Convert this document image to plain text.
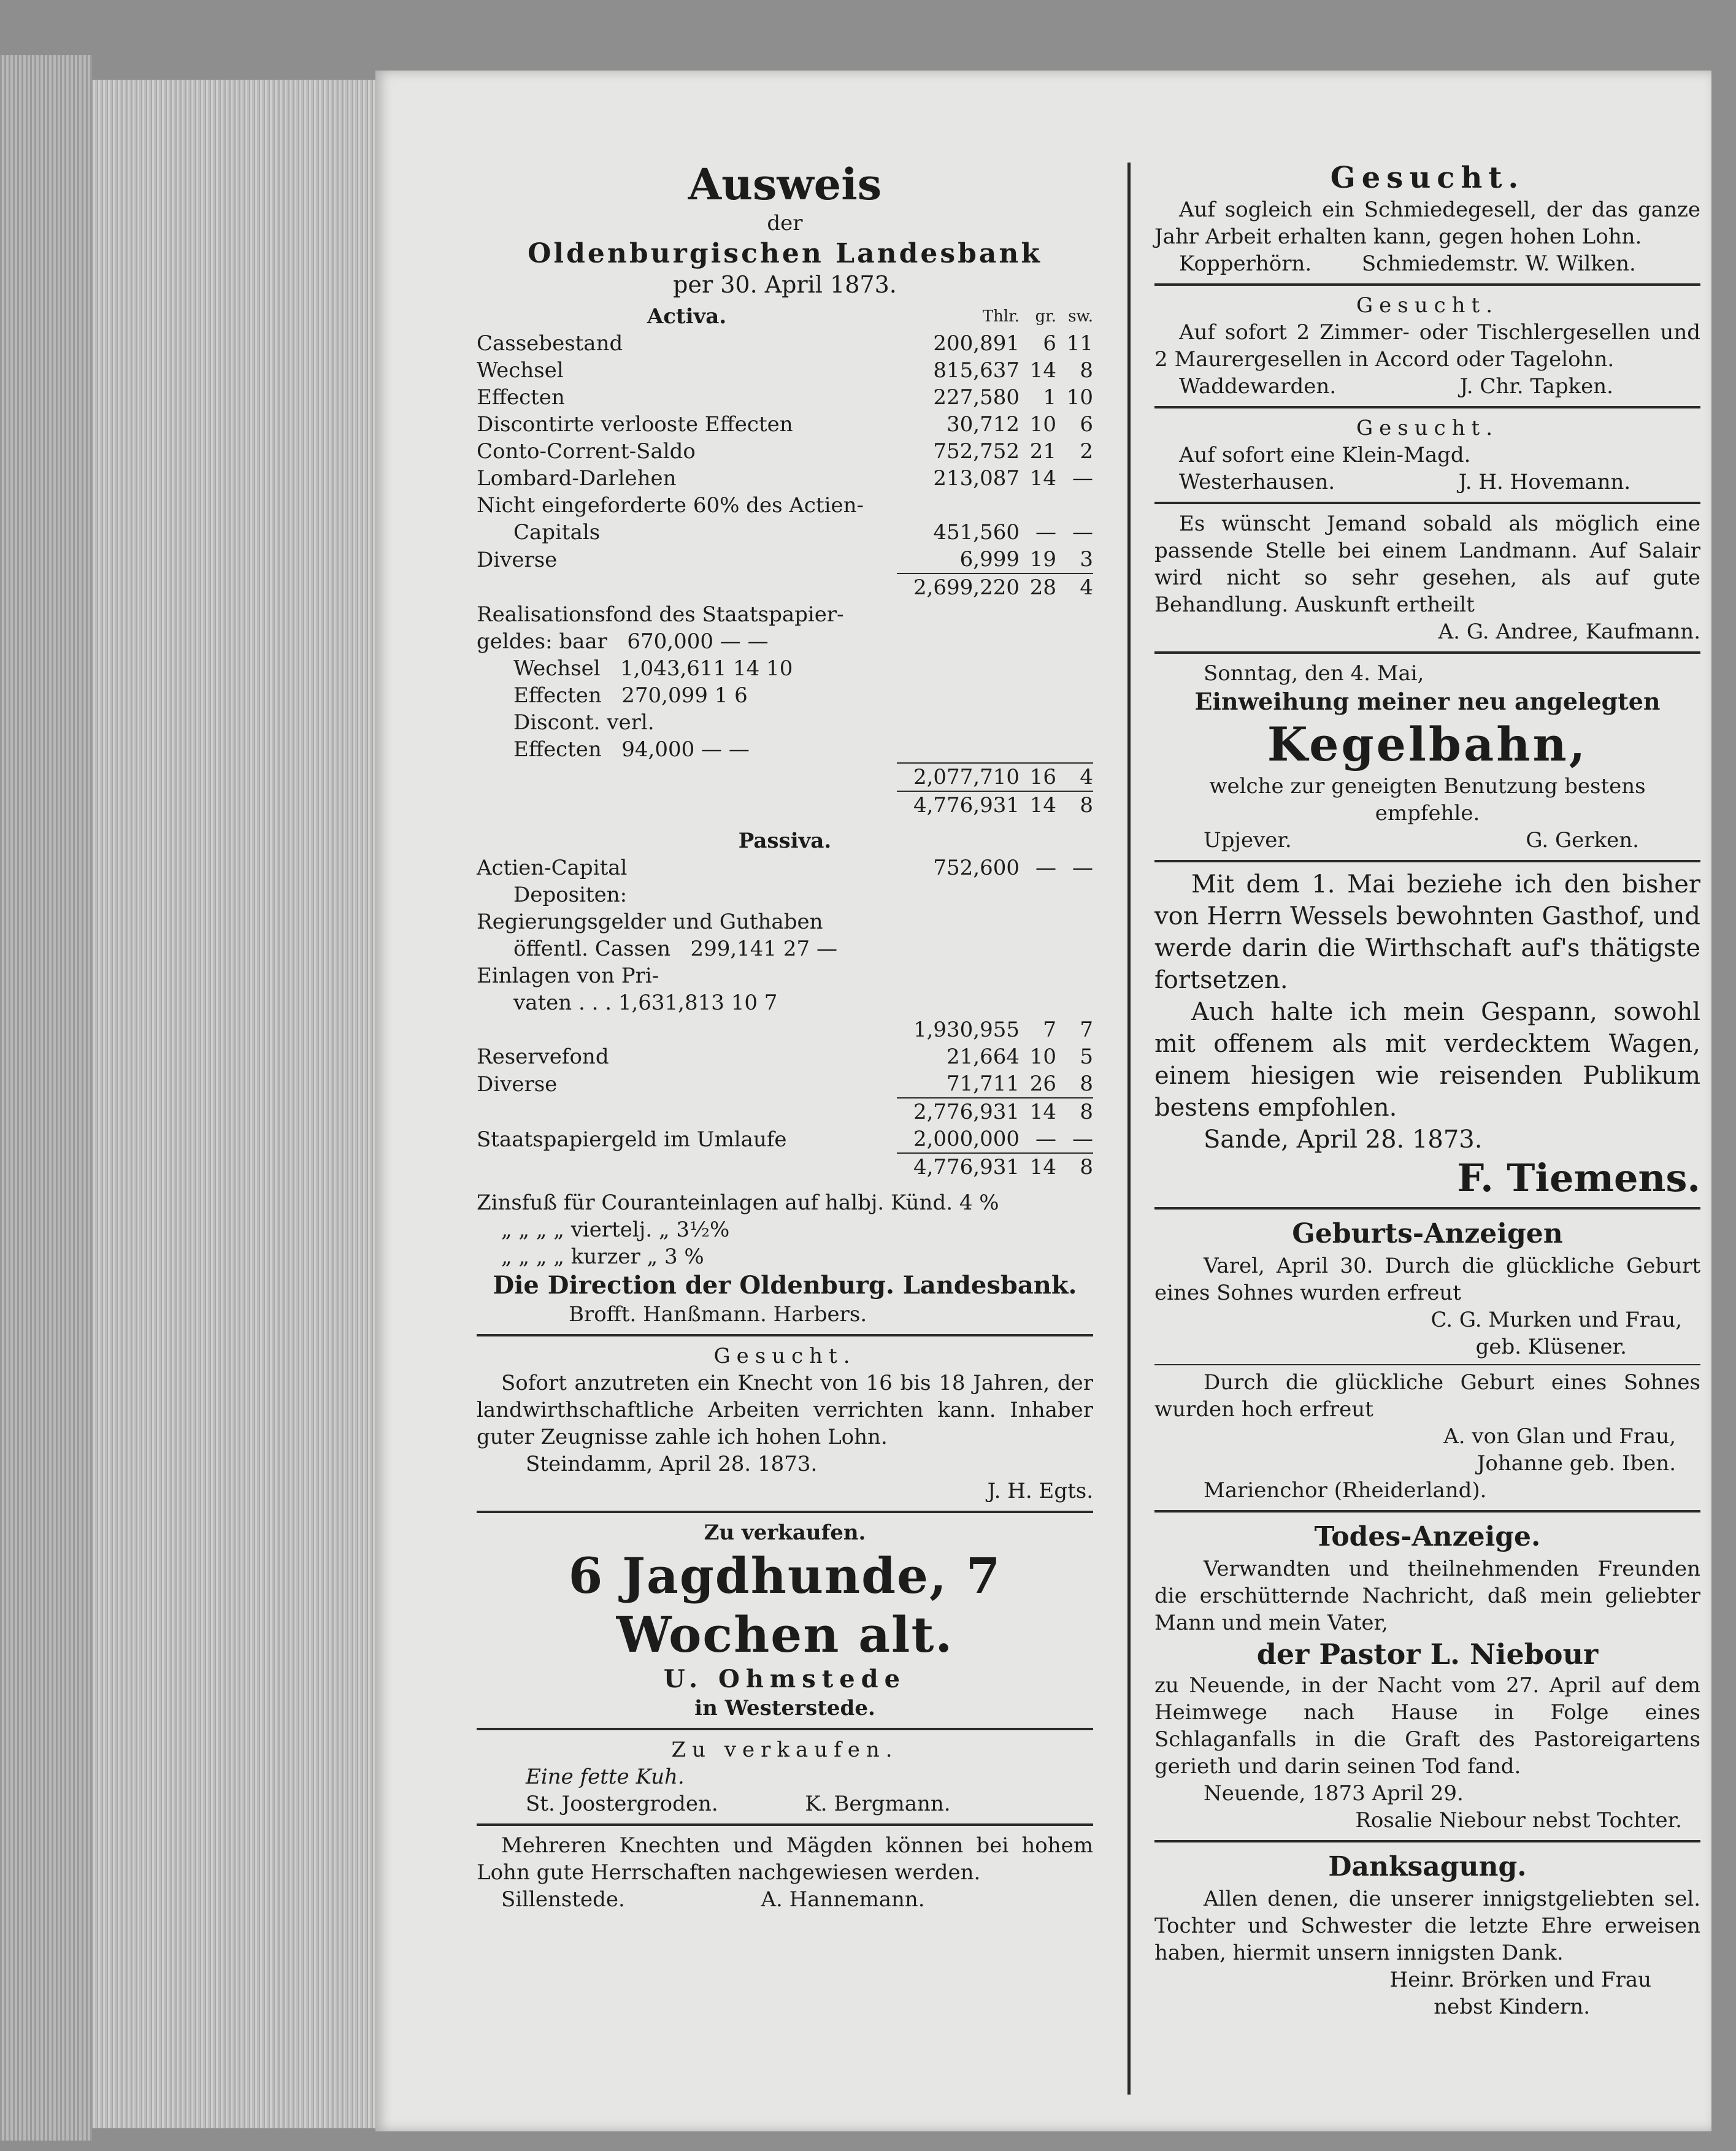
Ausweis
der
Oldenburgischen Landesbank
per 30. April 1873.
Activa.	Thlr.	gr.	sw.
Cassebestand	200,891	6	11
Wechsel	815,637	14	8
Effecten	227,580	1	10
Discontirte verlooste Effecten	30,712	10	6
Conto-Corrent-Saldo	752,752	21	2
Lombard-Darlehen	213,087	14	—
Nicht eingeforderte 60% des Actien-			
Capitals	451,560	—	—
Diverse	6,999	19	3
	2,699,220	28	4
Realisationsfond des Staatspapier-			
geldes: baar 670,000 — —			
Wechsel 1,043,611 14 10			
Effecten 270,099 1 6			
Discont. verl.			
Effecten 94,000 — —			
	2,077,710	16	4
	4,776,931	14	8
Passiva.
Actien-Capital	752,600	—	—
Depositen:			
Regierungsgelder und Guthaben			
öffentl. Cassen 299,141 27 —			
Einlagen von Pri-			
vaten . . . 1,631,813 10 7			
	1,930,955	7	7
Reservefond	21,664	10	5
Diverse	71,711	26	8
	2,776,931	14	8
Staatspapiergeld im Umlaufe	2,000,000	—	—
	4,776,931	14	8
Zinsfuß für Couranteinlagen auf halbj. Künd. 4 %
„ „ „ „ viertelj. „ 3½%
„ „ „ „ kurzer „ 3 %
Die Direction der Oldenburg. Landesbank.
Brofft. Hanßmann. Harbers.
Gesucht.
Sofort anzutreten ein Knecht von 16 bis 18 Jahren, der landwirthschaftliche Arbeiten verrichten kann. Inhaber guter Zeugnisse zahle ich hohen Lohn.
Steindamm, April 28. 1873.
J. H. Egts.
Zu verkaufen.
6 Jagdhunde, 7 Wochen alt.
U. Ohmstede
in Westerstede.
Zu verkaufen.
Eine fette Kuh.
St. Joostergroden.	K. Bergmann.
Mehreren Knechten und Mägden können bei hohem Lohn gute Herrschaften nachgewiesen werden.
Sillenstede.	A. Hannemann.
Gesucht.
Auf sogleich ein Schmiedegesell, der das ganze Jahr Arbeit erhalten kann, gegen hohen Lohn.
Kopperhörn. Schmiedemstr. W. Wilken.
Gesucht.
Auf sofort 2 Zimmer- oder Tischlergesellen und 2 Maurergesellen in Accord oder Tagelohn.
Waddewarden.	J. Chr. Tapken.
Gesucht.
Auf sofort eine Klein-Magd.
Westerhausen.	J. H. Hovemann.
Es wünscht Jemand sobald als möglich eine passende Stelle bei einem Landmann. Auf Salair wird nicht so sehr gesehen, als auf gute Behandlung. Auskunft ertheilt
A. G. Andree, Kaufmann.
Sonntag, den 4. Mai,
Einweihung meiner neu angelegten
Kegelbahn,
welche zur geneigten Benutzung bestens empfehle.
Upjever.	G. Gerken.
Mit dem 1. Mai beziehe ich den bisher von Herrn Wessels bewohnten Gasthof, und werde darin die Wirthschaft auf's thätigste fortsetzen.
Auch halte ich mein Gespann, sowohl mit offenem als mit verdecktem Wagen, einem hiesigen wie reisenden Publikum bestens empfohlen.
Sande, April 28. 1873.
F. Tiemens.
Geburts-Anzeigen
Varel, April 30. Durch die glückliche Geburt eines Sohnes wurden erfreut
C. G. Murken und Frau,
geb. Klüsener.
Durch die glückliche Geburt eines Sohnes wurden hoch erfreut
A. von Glan und Frau,
Johanne geb. Iben.
Marienchor (Rheiderland).
Todes-Anzeige.
Verwandten und theilnehmenden Freunden die erschütternde Nachricht, daß mein geliebter Mann und mein Vater,
der Pastor L. Niebour
zu Neuende, in der Nacht vom 27. April auf dem Heimwege nach Hause in Folge eines Schlaganfalls in die Graft des Pastoreigartens gerieth und darin seinen Tod fand.
Neuende, 1873 April 29.
Rosalie Niebour nebst Tochter.
Danksagung.
Allen denen, die unserer innigstgeliebten sel. Tochter und Schwester die letzte Ehre erweisen haben, hiermit unsern innigsten Dank.
Heinr. Brörken und Frau
nebst Kindern.
